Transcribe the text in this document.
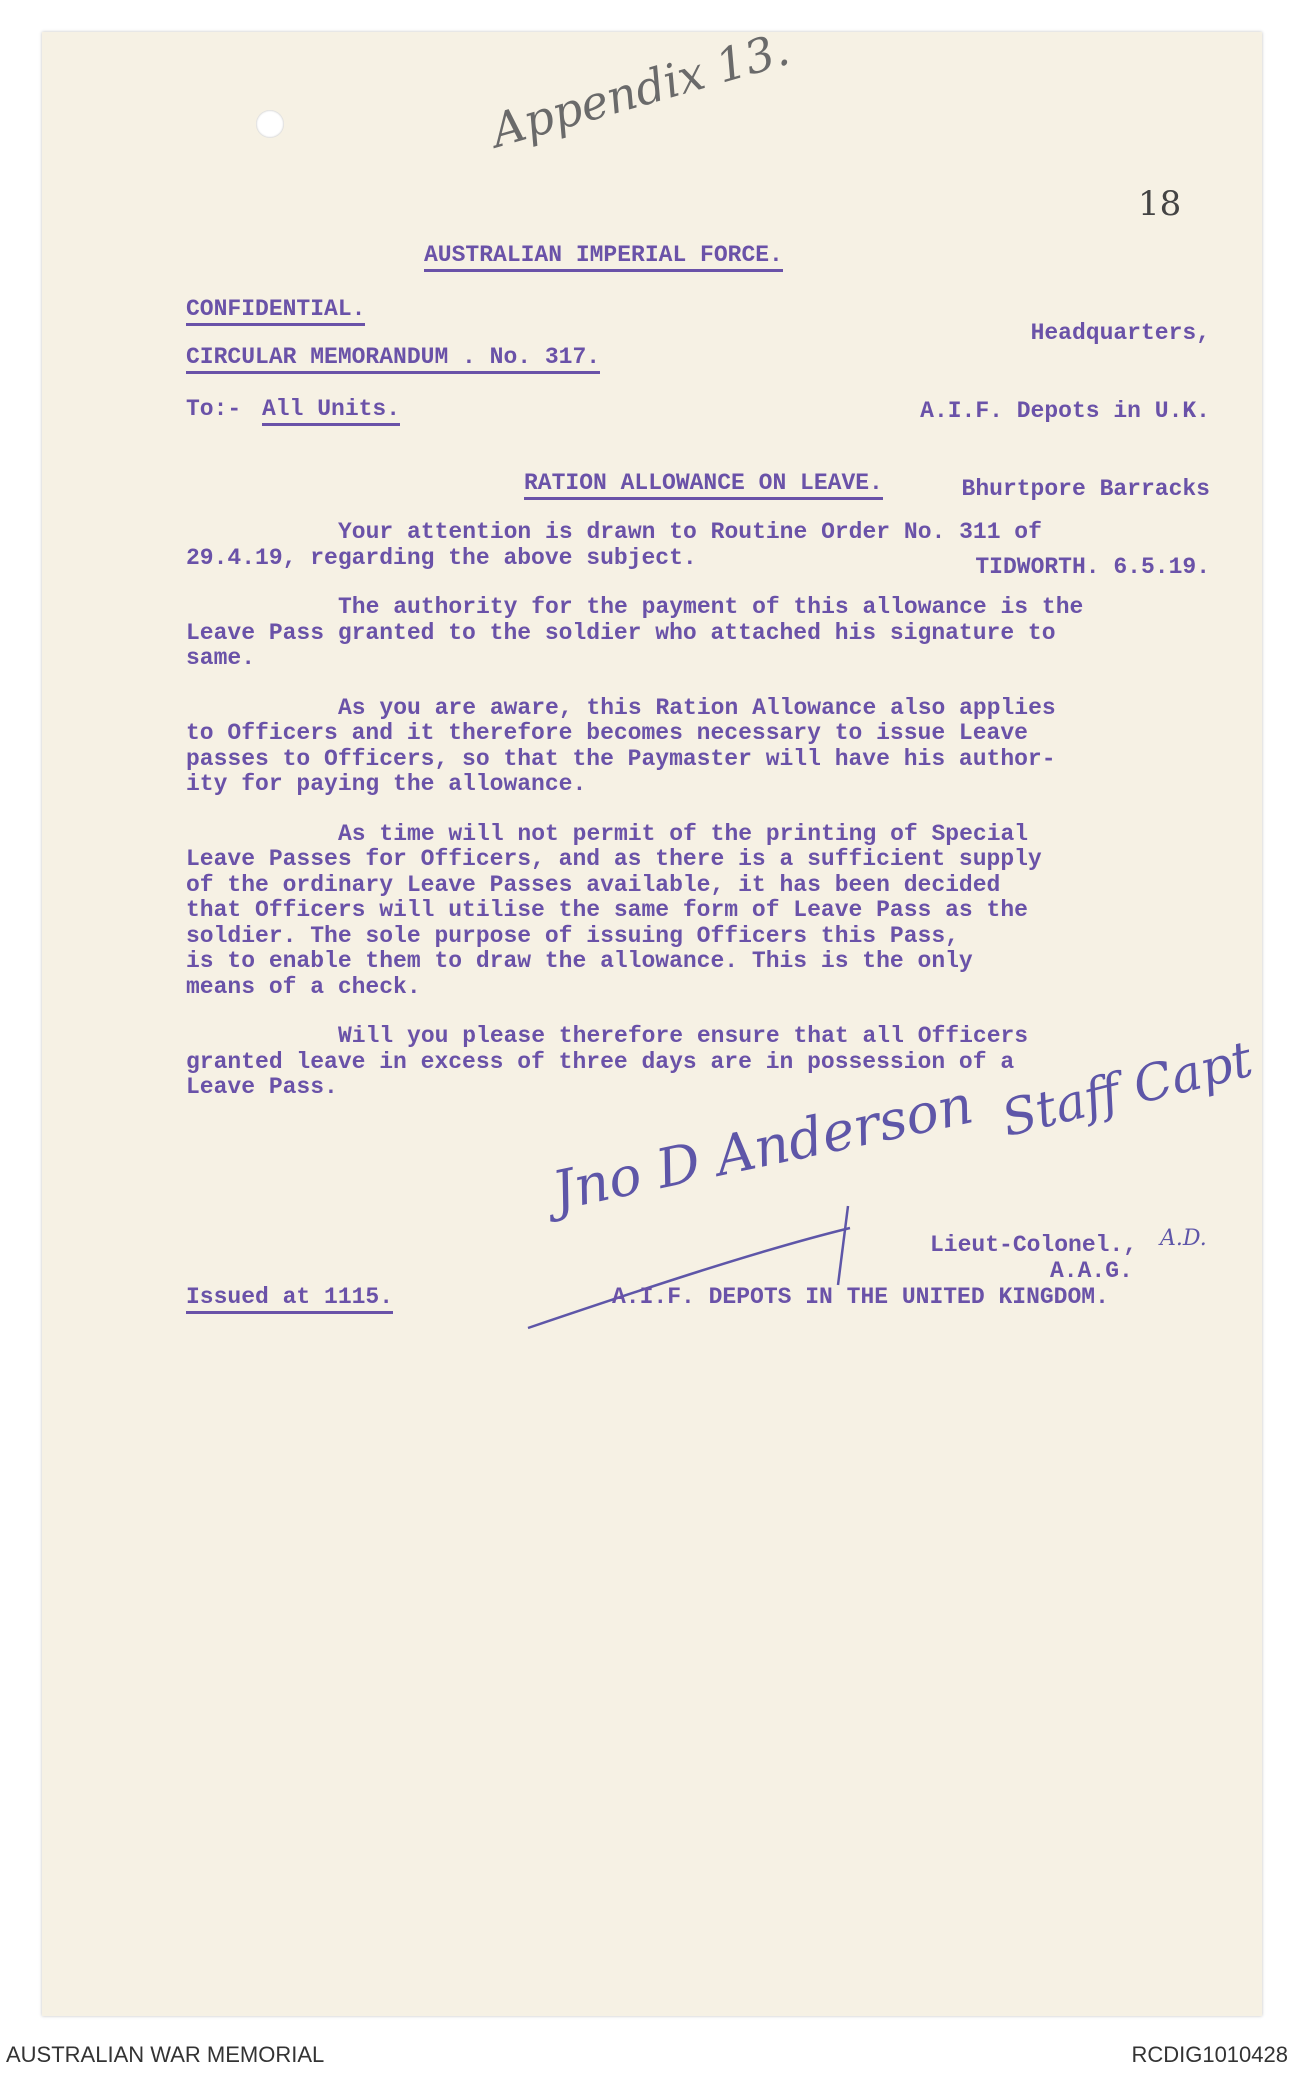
Appendix 13.
18
AUSTRALIAN IMPERIAL FORCE.
CONFIDENTIAL.
CIRCULAR MEMORANDUM . No. 317.

Headquarters,

A.I.F. Depots in U.K.

Bhurtpore Barracks

TIDWORTH. 6.5.19.

To:- All Units.
RATION ALLOWANCE ON LEAVE.
Your attention is drawn to Routine Order No. 311 of
29.4.19, regarding the above subject.
The authority for the payment of this allowance is the
Leave Pass granted to the soldier who attached his signature to
same.
As you are aware, this Ration Allowance also applies
to Officers and it therefore becomes necessary to issue Leave
passes to Officers, so that the Paymaster will have his author-
ity for paying the allowance.
As time will not permit of the printing of Special
Leave Passes for Officers, and as there is a sufficient supply
of the ordinary Leave Passes available, it has been decided
that Officers will utilise the same form of Leave Pass as the
soldier. The sole purpose of issuing Officers this Pass,
is to enable them to draw the allowance. This is the only
means of a check.
Will you please therefore ensure that all Officers
granted leave in excess of three days are in possession of a
Leave Pass.	Jno D Anderson Staff Capt
Lieut-Colonel., A.D.
A.A.G.
A.I.F. DEPOTS IN THE UNITED KINGDOM.
Issued at 1115.
AUSTRALIAN WAR MEMORIAL	RCDIG1010428
